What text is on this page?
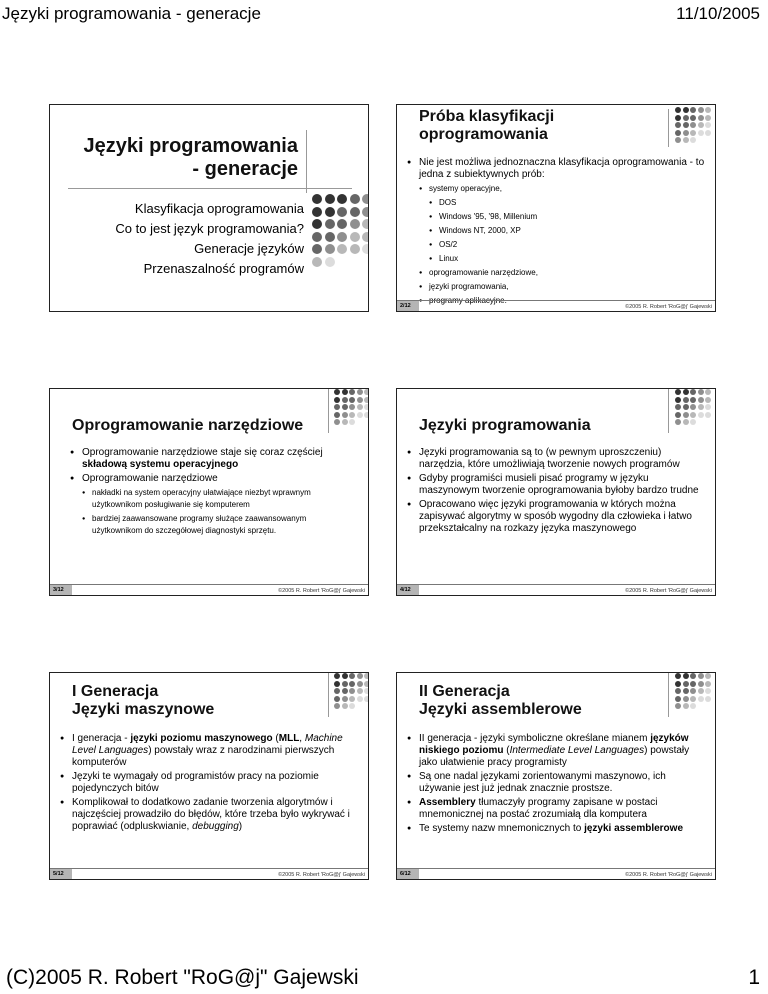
Języki programowania - generacje	11/10/2005
Języki programowania - generacje
Klasyfikacja oprogramowania
Co to jest język programowania?
Generacje języków
Przenaszalność programów
Próba klasyfikacji oprogramowania
● Nie jest możliwa jednoznaczna klasyfikacja oprogramowania - to jedna z subiektywnych prób:
● systemy operacyjne,
● DOS
● Windows '95, '98, Millenium
● Windows NT, 2000, XP
● OS/2
● Linux
● oprogramowanie narzędziowe,
● języki programowania,
● programy aplikacyjne.
2/12	©2005 R. Robert 'RoG@j' Gajewski
Oprogramowanie narzędziowe
● Oprogramowanie narzędziowe staje się coraz częściej składową systemu operacyjnego
● Oprogramowanie narzędziowe
● nakładki na system operacyjny ułatwiające niezbyt wprawnym użytkownikom posługiwanie się komputerem
● bardziej zaawansowane programy służące zaawansowanym użytkownikom do szczegółowej diagnostyki sprzętu.
3/12	©2005 R. Robert 'RoG@j' Gajewski
Języki programowania
● Języki programowania są to (w pewnym uproszczeniu) narzędzia, które umożliwiają tworzenie nowych programów
● Gdyby programiści musieli pisać programy w języku maszynowym tworzenie oprogramowania byłoby bardzo trudne
● Opracowano więc języki programowania w których można zapisywać algorytmy w sposób wygodny dla człowieka i łatwo przekształcalny na rozkazy języka maszynowego
4/12	©2005 R. Robert 'RoG@j' Gajewski
I Generacja
Języki maszynowe
● I generacja - języki poziomu maszynowego (MLL, Machine Level Languages) powstały wraz z narodzinami pierwszych komputerów
● Języki te wymagały od programistów pracy na poziomie pojedynczych bitów
● Komplikował to dodatkowo zadanie tworzenia algorytmów i najczęściej prowadziło do błędów, które trzeba było wykrywać i poprawiać (odpluskwianie, debugging)
5/12	©2005 R. Robert 'RoG@j' Gajewski
II Generacja
Języki assemblerowe
● II generacja - języki symboliczne określane mianem języków niskiego poziomu (Intermediate Level Languages) powstały jako ułatwienie pracy programisty
● Są one nadal językami zorientowanymi maszynowo, ich używanie jest już jednak znacznie prostsze.
● Assemblery tłumaczyły programy zapisane w postaci mnemonicznej na postać zrozumiałą dla komputera
● Te systemy nazw mnemonicznych to języki assemblerowe
6/12	©2005 R. Robert 'RoG@j' Gajewski
(C)2005 R. Robert "RoG@j" Gajewski	1
